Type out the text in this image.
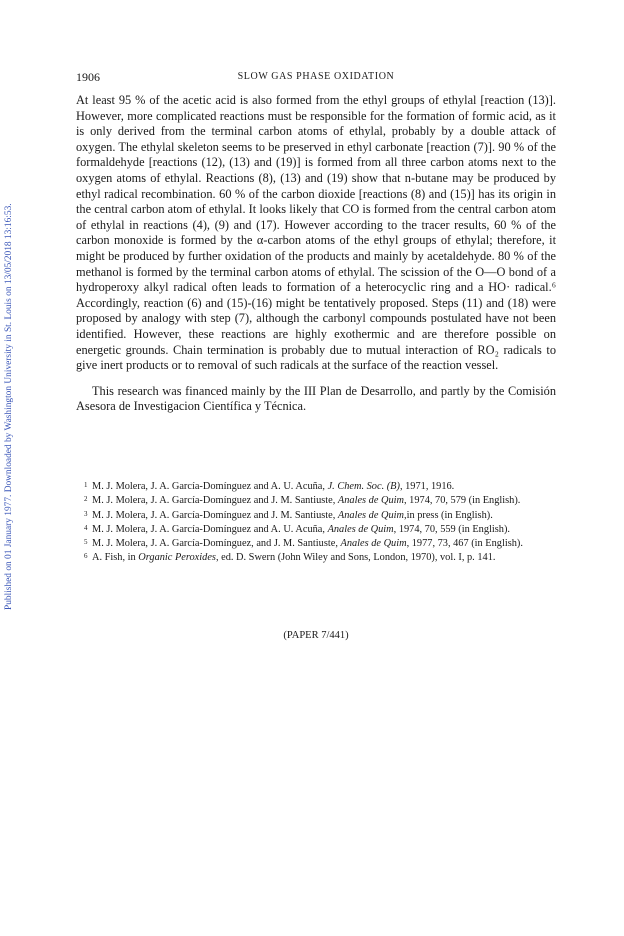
Published on 01 January 1977. Downloaded by Washington University in St. Louis on 13/05/2018 13:16:53.
1906	SLOW GAS PHASE OXIDATION

At least 95 % of the acetic acid is also formed from the ethyl groups of ethylal [reaction (13)]. However, more complicated reactions must be responsible for the formation of formic acid, as it is only derived from the terminal carbon atoms of ethylal, probably by a double attack of oxygen. The ethylal skeleton seems to be preserved in ethyl carbonate [reaction (7)]. 90 % of the formaldehyde [reactions (12), (13) and (19)] is formed from all three carbon atoms next to the oxygen atoms of ethylal. Reactions (8), (13) and (19) show that n-butane may be produced by ethyl radical recombination. 60 % of the carbon dioxide [reactions (8) and (15)] has its origin in the central carbon atom of ethylal. It looks likely that CO is formed from the central carbon atom of ethylal in reactions (4), (9) and (17). However according to the tracer results, 60 % of the carbon monoxide is formed by the α-carbon atoms of the ethyl groups of ethylal; therefore, it might be produced by further oxidation of the products and mainly by acetaldehyde. 80 % of the methanol is formed by the terminal carbon atoms of ethylal. The scission of the O—O bond of a hydroperoxy alkyl radical often leads to formation of a heterocyclic ring and a HO· radical.⁶ Accordingly, reaction (6) and (15)-(16) might be tentatively proposed. Steps (11) and (18) were proposed by analogy with step (7), although the carbonyl compounds postulated have not been identified. However, these reactions are highly exothermic and are therefore possible on energetic grounds. Chain termination is probably due to mutual interaction of RO₂ radicals to give inert products or to removal of such radicals at the surface of the reaction vessel.

This research was financed mainly by the III Plan de Desarrollo, and partly by the Comisión Asesora de Investigacion Científica y Técnica.

1 M. J. Molera, J. A. García-Domínguez and A. U. Acuña, J. Chem. Soc. (B), 1971, 1916.

2 M. J. Molera, J. A. García-Domínguez and J. M. Santiuste, Anales de Quim, 1974, 70, 579 (in English).

3 M. J. Molera, J. A. García-Domínguez and J. M. Santiuste, Anales de Quim,in press (in English).

4 M. J. Molera, J. A. García-Domínguez and A. U. Acuña, Anales de Quim, 1974, 70, 559 (in English).

5 M. J. Molera, J. A. García-Domínguez, and J. M. Santiuste, Anales de Quim, 1977, 73, 467 (in English).

6 A. Fish, in Organic Peroxides, ed. D. Swern (John Wiley and Sons, London, 1970), vol. I, p. 141.

(PAPER 7/441)
